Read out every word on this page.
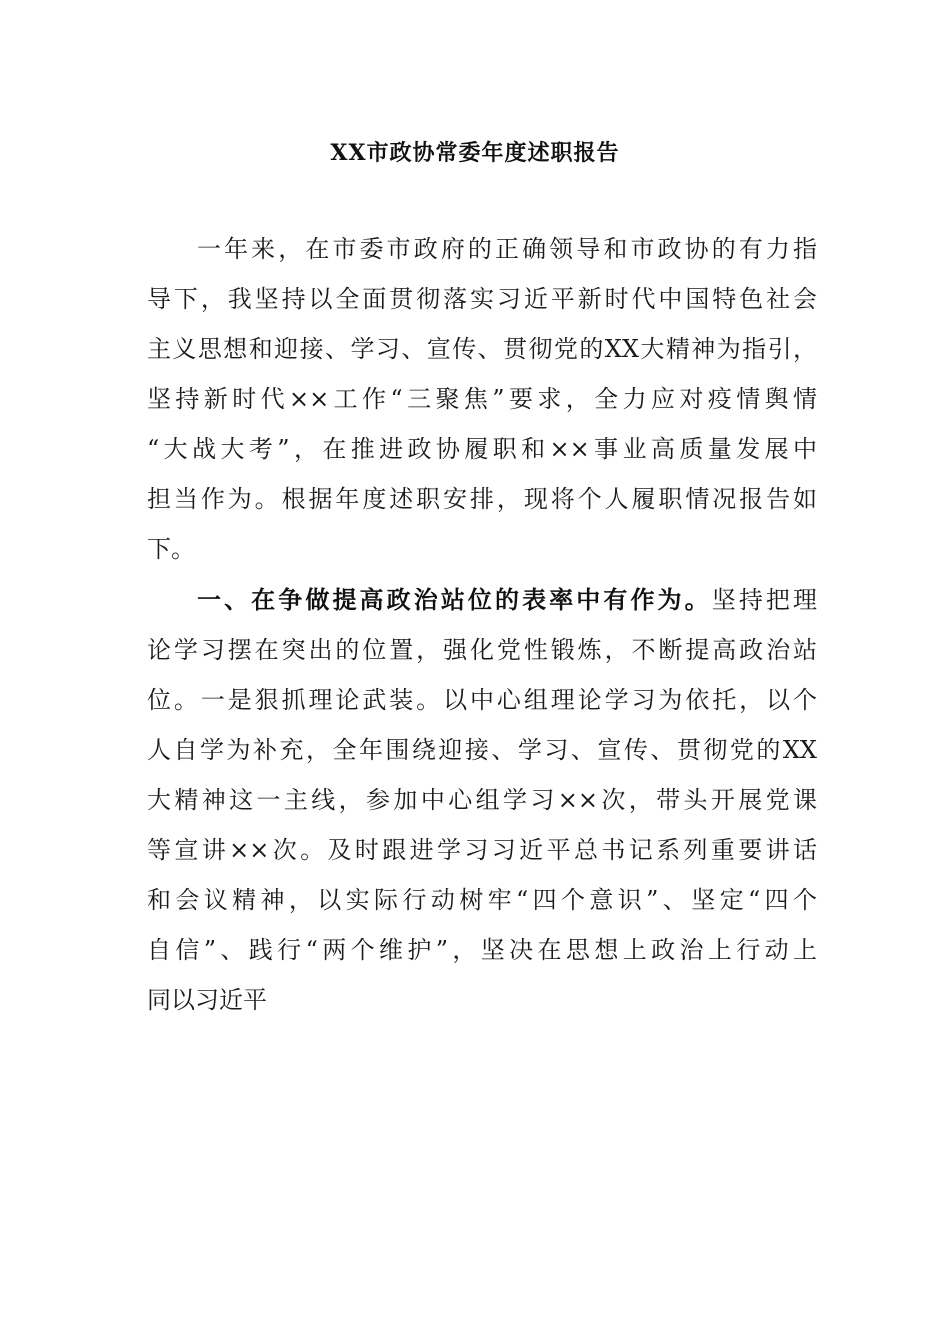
XX市政协常委年度述职报告
一年来，在市委市政府的正确领导和市政协的有力指
导下，我坚持以全面贯彻落实习近平新时代中国特色社会
主义思想和迎接、学习、宣传、贯彻党的XX大精神为指引，
坚持新时代××工作“三聚焦”要求，全力应对疫情舆情
“大战大考”，在推进政协履职和××事业高质量发展中
担当作为。根据年度述职安排，现将个人履职情况报告如
下。
一、在争做提高政治站位的表率中有作为。坚持把理
论学习摆在突出的位置，强化党性锻炼，不断提高政治站
位。一是狠抓理论武装。以中心组理论学习为依托，以个
人自学为补充，全年围绕迎接、学习、宣传、贯彻党的XX
大精神这一主线，参加中心组学习××次，带头开展党课
等宣讲××次。及时跟进学习习近平总书记系列重要讲话
和会议精神，以实际行动树牢“四个意识”、坚定“四个
自信”、践行“两个维护”，坚决在思想上政治上行动上
同以习近平
